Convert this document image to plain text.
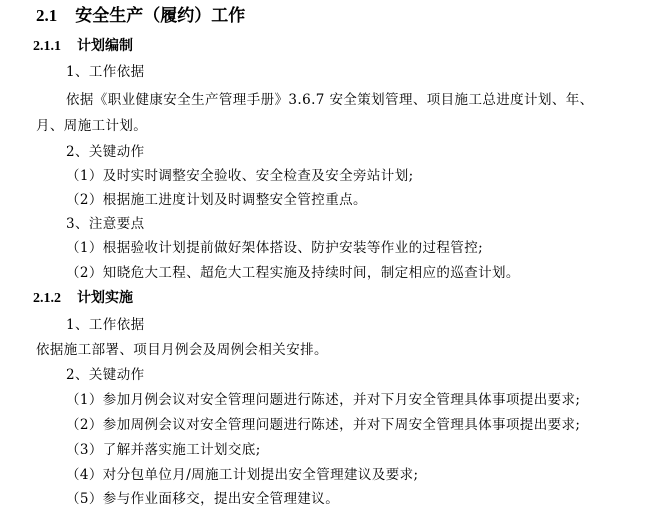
2.1 安全生产（履约）工作
2.1.1 计划编制
1、工作依据
依据《职业健康安全生产管理手册》3.6.7 安全策划管理、项目施工总进度计划、年、
月、周施工计划。
2、关键动作
（1）及时实时调整安全验收、安全检查及安全旁站计划;
（2）根据施工进度计划及时调整安全管控重点。
3、注意要点
（1）根据验收计划提前做好架体搭设、防护安装等作业的过程管控;
（2）知晓危大工程、超危大工程实施及持续时间，制定相应的巡查计划。
2.1.2 计划实施
1、工作依据
依据施工部署、项目月例会及周例会相关安排。
2、关键动作
（1）参加月例会议对安全管理问题进行陈述，并对下月安全管理具体事项提出要求;
（2）参加周例会议对安全管理问题进行陈述，并对下周安全管理具体事项提出要求;
（3）了解并落实施工计划交底;
（4）对分包单位月/周施工计划提出安全管理建议及要求;
（5）参与作业面移交，提出安全管理建议。
